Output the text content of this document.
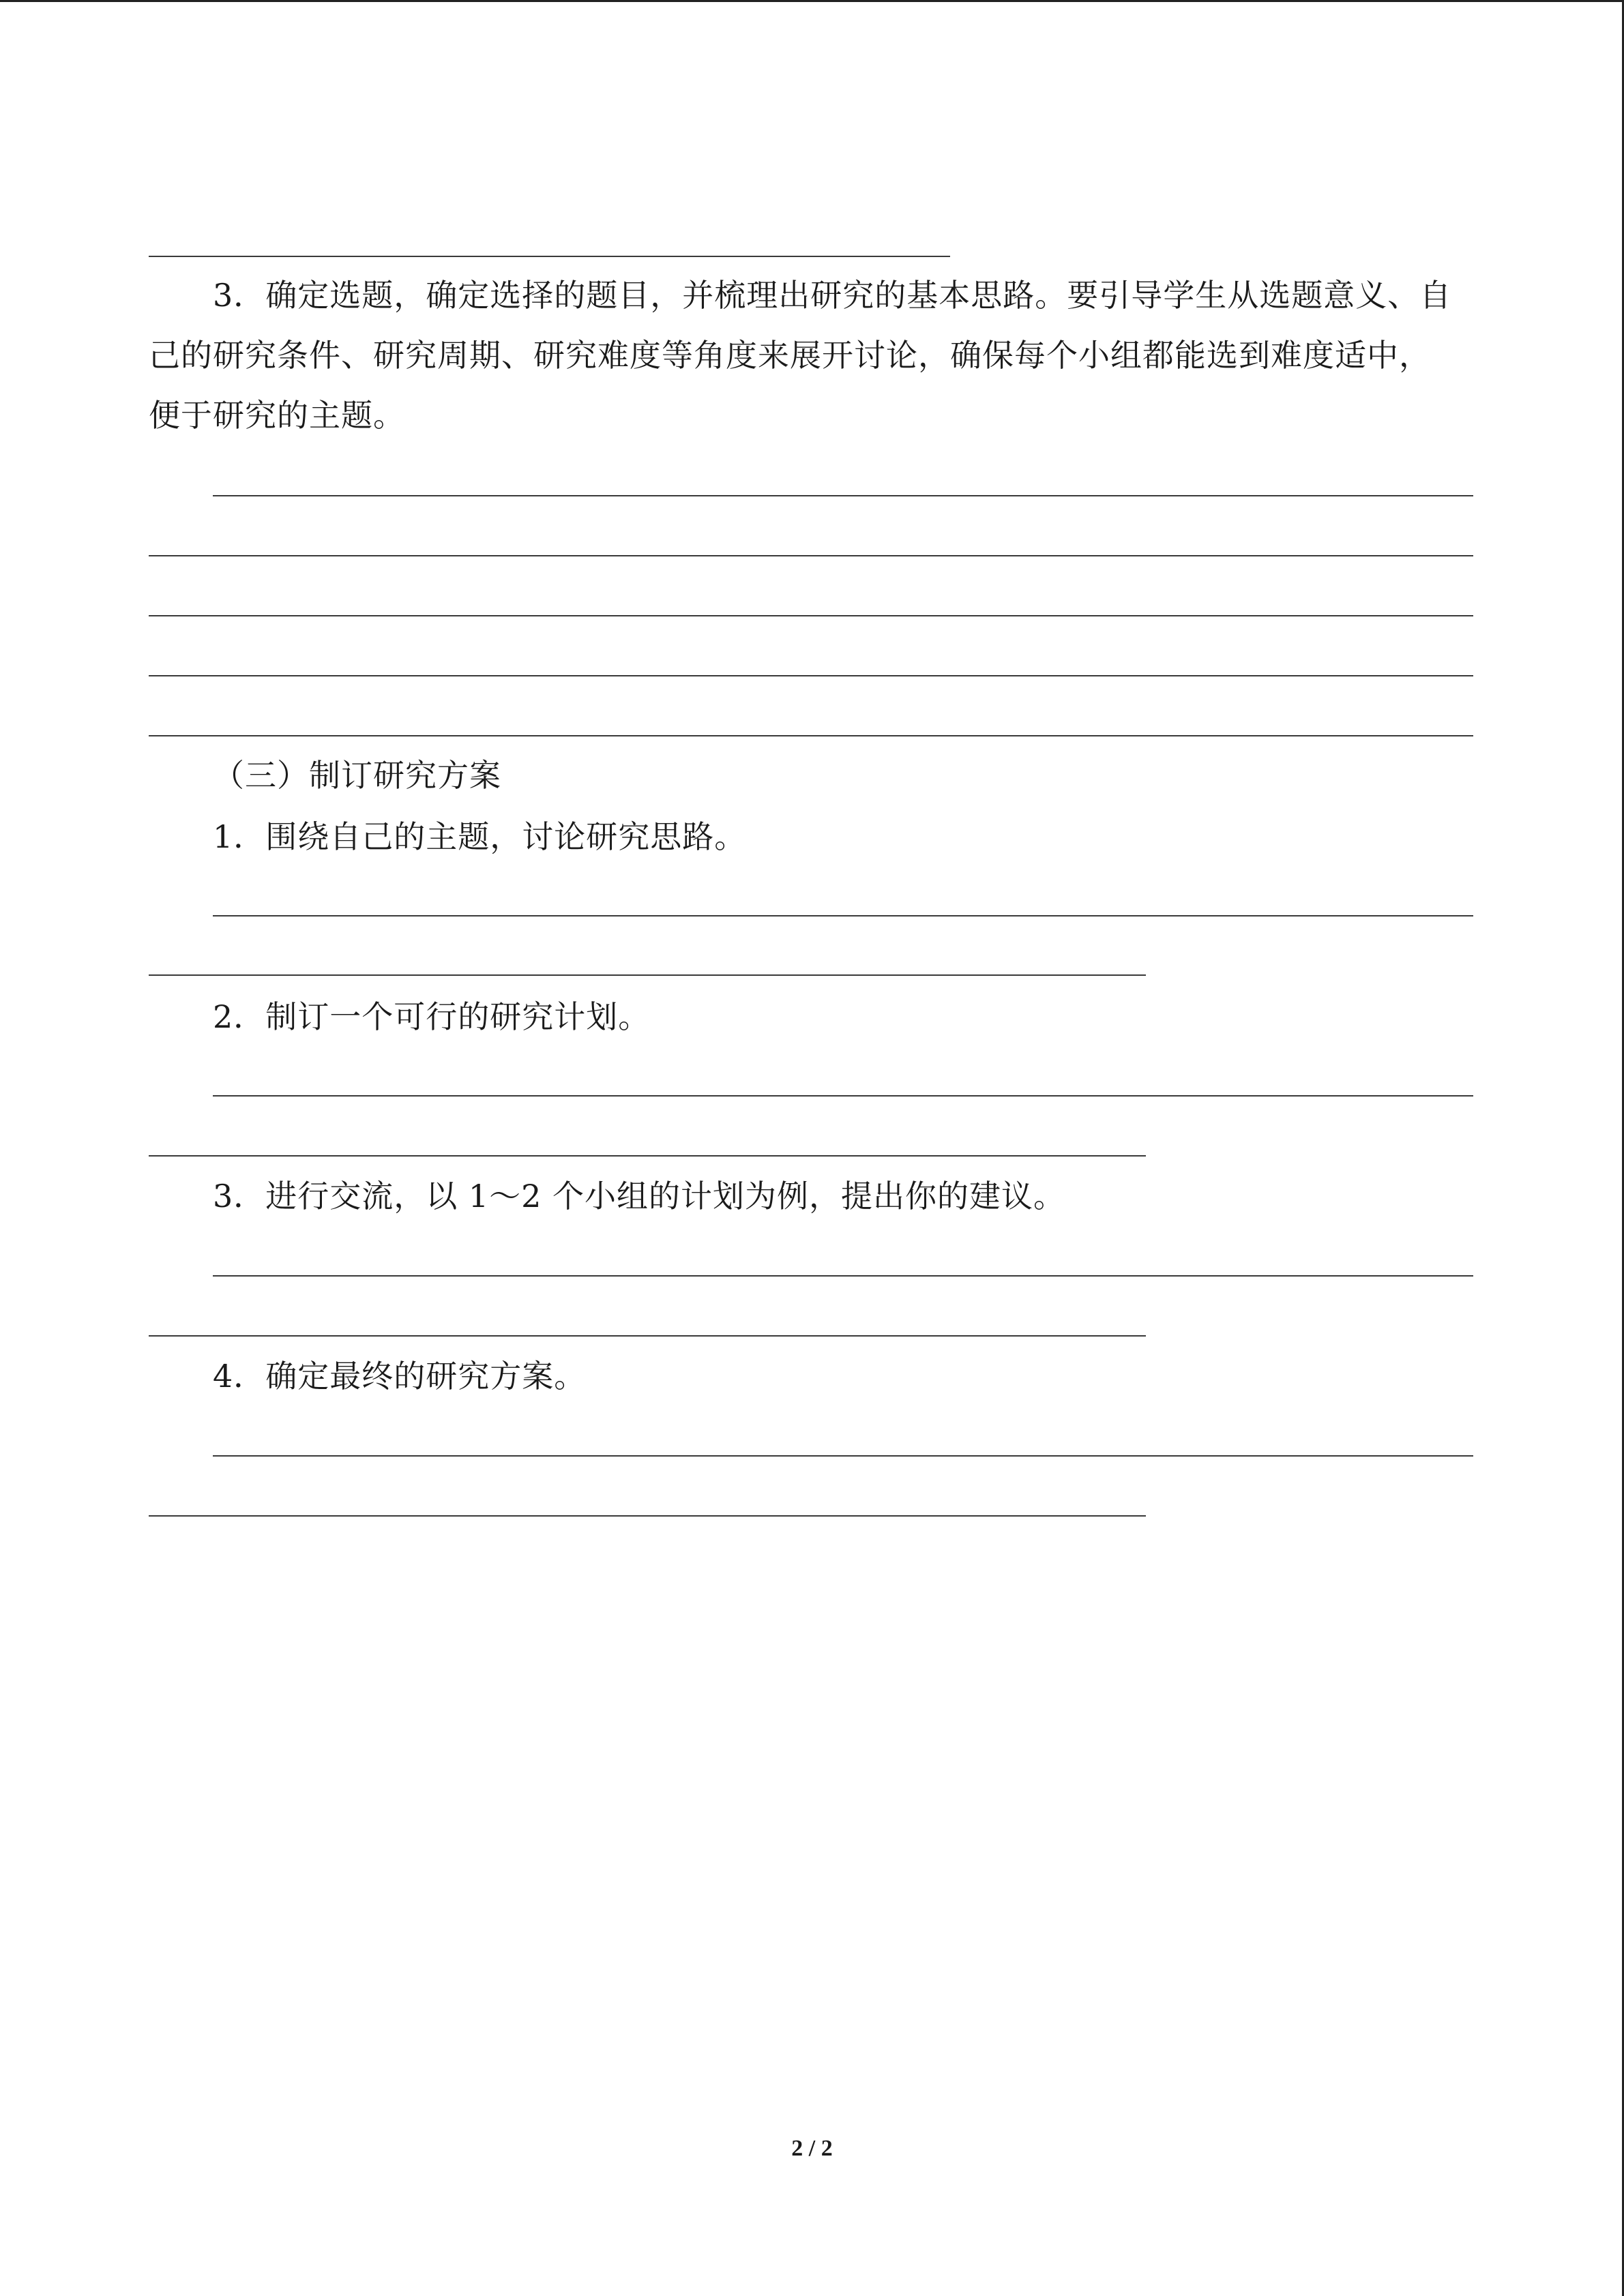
3．确定选题，确定选择的题目，并梳理出研究的基本思路。要引导学生从选题意义、自
己的研究条件、研究周期、研究难度等角度来展开讨论，确保每个小组都能选到难度适中，
便于研究的主题。
（三）制订研究方案
1．围绕自己的主题，讨论研究思路。
2．制订一个可行的研究计划。
3．进行交流，以 1～2 个小组的计划为例，提出你的建议。
4．确定最终的研究方案。
2 / 2
